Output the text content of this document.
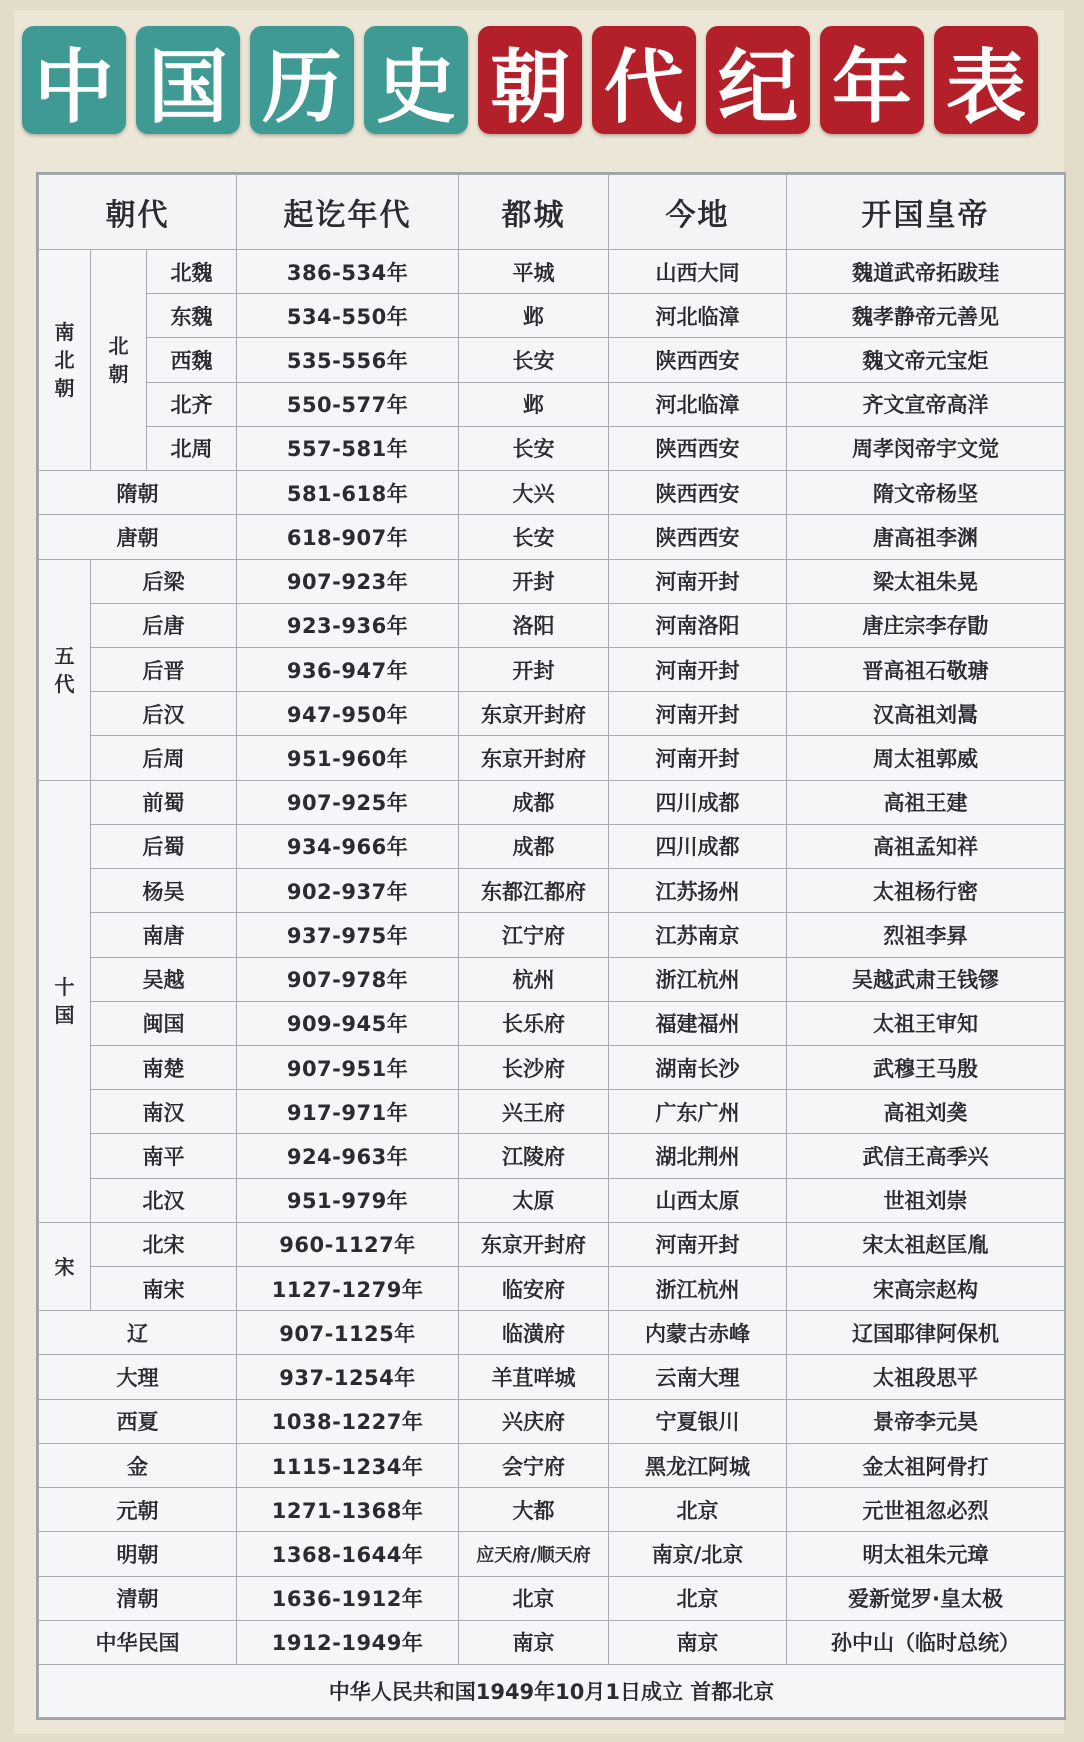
中 国 历 史 朝 代 纪 年 表
朝代			起讫年代	都城	今地	开国皇帝
南北朝	北朝	北魏	386-534年	平城	山西大同	魏道武帝拓跋珪
		东魏	534-550年	邺	河北临漳	魏孝静帝元善见
		西魏	535-556年	长安	陕西西安	魏文帝元宝炬
		北齐	550-577年	邺	河北临漳	齐文宣帝高洋
		北周	557-581年	长安	陕西西安	周孝闵帝宇文觉
隋朝			581-618年	大兴	陕西西安	隋文帝杨坚
唐朝			618-907年	长安	陕西西安	唐高祖李渊
五代	后梁		907-923年	开封	河南开封	梁太祖朱晃
	后唐		923-936年	洛阳	河南洛阳	唐庄宗李存勖
	后晋		936-947年	开封	河南开封	晋高祖石敬瑭
	后汉		947-950年	东京开封府	河南开封	汉高祖刘暠
	后周		951-960年	东京开封府	河南开封	周太祖郭威
十国	前蜀		907-925年	成都	四川成都	高祖王建
	后蜀		934-966年	成都	四川成都	高祖孟知祥
	杨吴		902-937年	东都江都府	江苏扬州	太祖杨行密
	南唐		937-975年	江宁府	江苏南京	烈祖李昪
	吴越		907-978年	杭州	浙江杭州	吴越武肃王钱镠
	闽国		909-945年	长乐府	福建福州	太祖王审知
	南楚		907-951年	长沙府	湖南长沙	武穆王马殷
	南汉		917-971年	兴王府	广东广州	高祖刘䶮
	南平		924-963年	江陵府	湖北荆州	武信王高季兴
	北汉		951-979年	太原	山西太原	世祖刘崇
宋	北宋		960-1127年	东京开封府	河南开封	宋太祖赵匡胤
	南宋		1127-1279年	临安府	浙江杭州	宋高宗赵构
辽			907-1125年	临潢府	内蒙古赤峰	辽国耶律阿保机
大理			937-1254年	羊苴咩城	云南大理	太祖段思平
西夏			1038-1227年	兴庆府	宁夏银川	景帝李元昊
金			1115-1234年	会宁府	黑龙江阿城	金太祖阿骨打
元朝			1271-1368年	大都	北京	元世祖忽必烈
明朝			1368-1644年	应天府/顺天府	南京/北京	明太祖朱元璋
清朝			1636-1912年	北京	北京	爱新觉罗·皇太极
中华民国			1912-1949年	南京	南京	孙中山（临时总统）
中华人民共和国1949年10月1日成立 首都北京						
